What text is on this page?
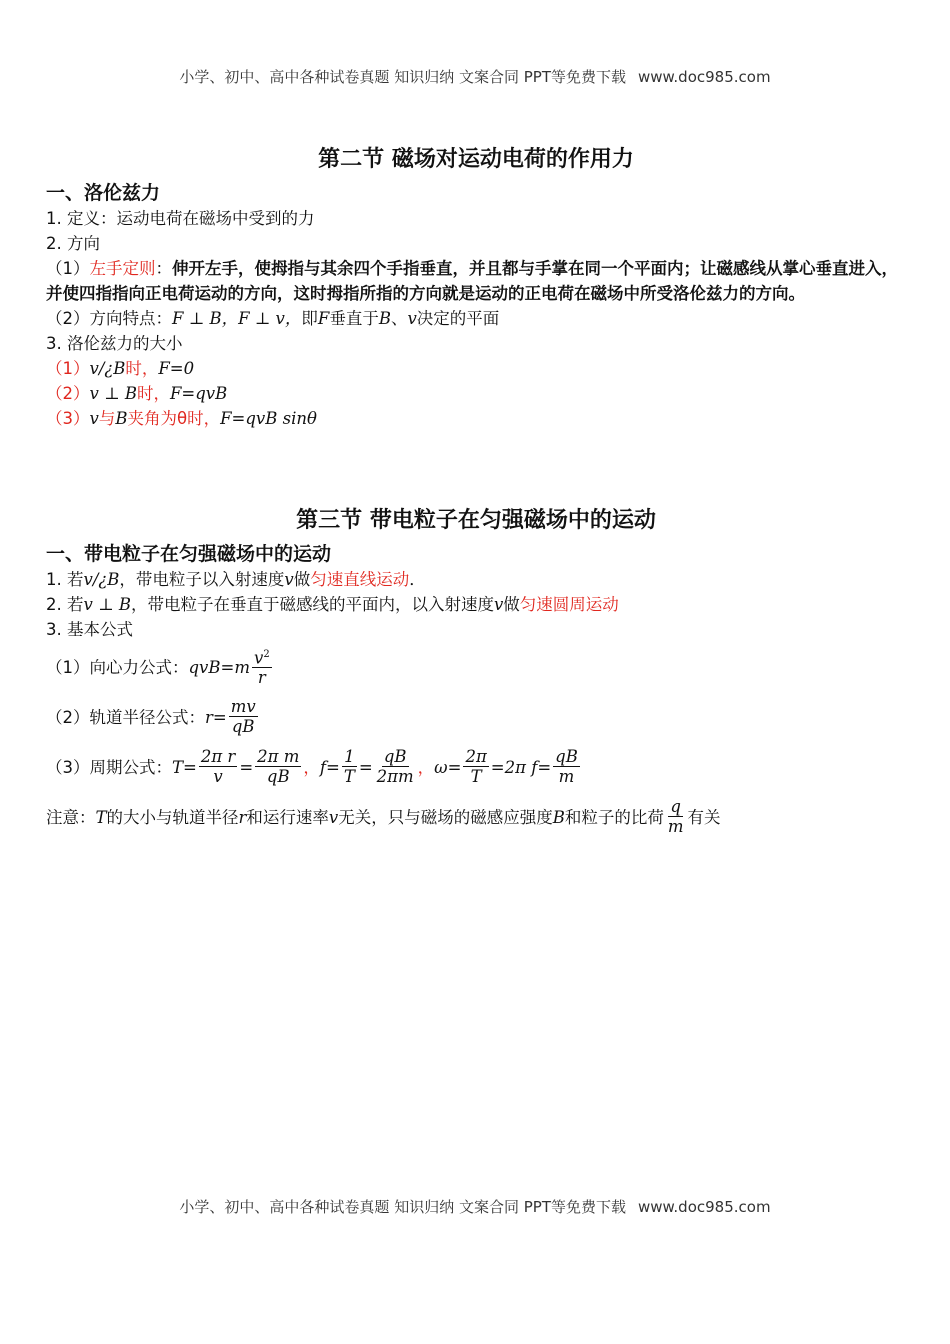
小学、初中、高中各种试卷真题 知识归纳 文案合同 PPT等免费下载 www.doc985.com

第二节 磁场对运动电荷的作用力

一、洛伦兹力

1. 定义：运动电荷在磁场中受到的力

2. 方向

（1）左手定则：伸开左手，使拇指与其余四个手指垂直，并且都与手掌在同一个平面内；让磁感线从掌心垂直进入，并使四指指向正电荷运动的方向，这时拇指所指的方向就是运动的正电荷在磁场中所受洛伦兹力的方向。

（2）方向特点：F ⊥ B，F ⊥ v，即F垂直于B、v决定的平面

3. 洛伦兹力的大小

（1）v/¿B时，F=0

（2）v ⊥ B时，F=qvB

（3）v与B夹角为θ时，F=qvB sinθ

第三节 带电粒子在匀强磁场中的运动

一、带电粒子在匀强磁场中的运动

1. 若v/¿B，带电粒子以入射速度v做匀速直线运动．

2. 若v ⊥ B，带电粒子在垂直于磁感线的平面内，以入射速度v做匀速圆周运动

3. 基本公式

（1）向心力公式： $qvB=m \frac{v^2}{r}$
（2）轨道半径公式： $r= \frac{mv}{qB}$
（3）周期公式： $T= \frac{\text{2π r}}{v} = \frac{\text{2π m}}{qB}$ ， $f= \frac{1}{T} = \frac{qB}{2\pi m}$ ， $\omega= \frac{2\pi}{T} =2\pi$ $f= \frac{qB}{m}$
注意： T 的大小与轨道半径 r 和运行速率 v 无关，只与磁场的磁感应强度 B 和粒子的比荷 $\frac{q}{m}$ 有关
小学、初中、高中各种试卷真题 知识归纳 文案合同 PPT等免费下载 www.doc985.com
